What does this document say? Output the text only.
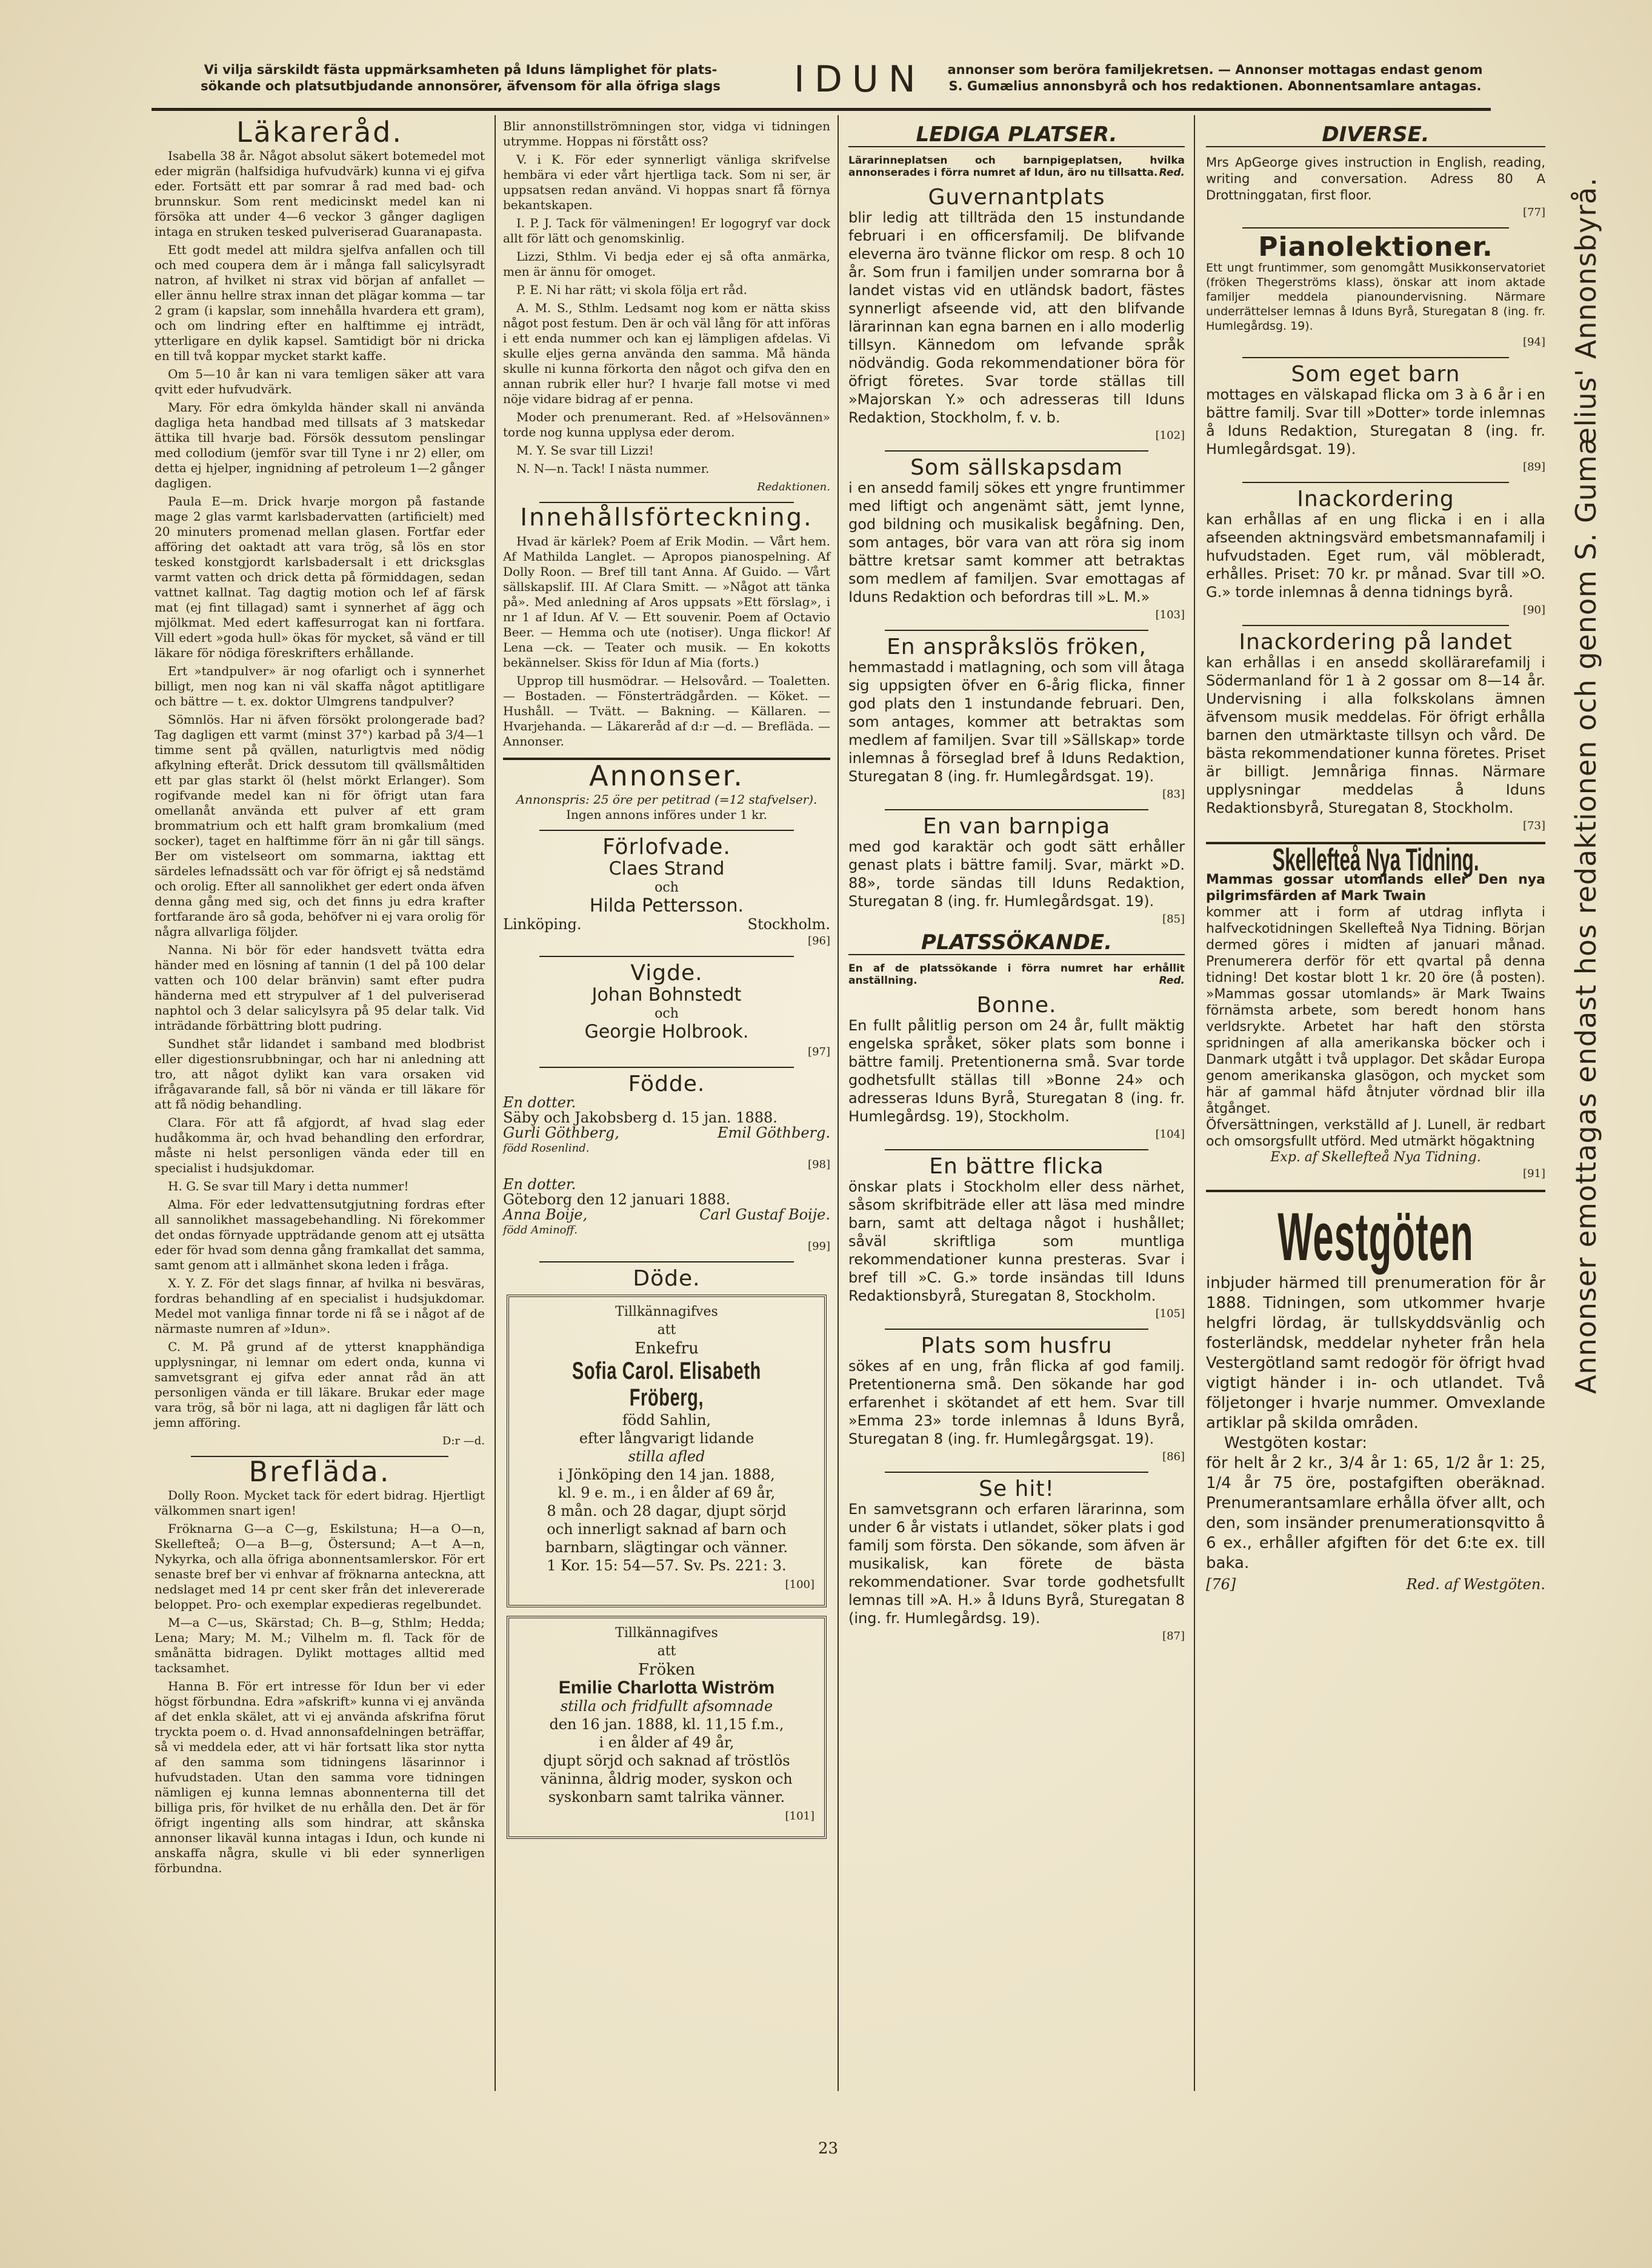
Vi vilja särskildt fästa uppmärksamheten på Iduns lämplighet för plats-
sökande och platsutbjudande annonsörer, äfvensom för alla öfriga slags	IDUN	annonser som beröra familjekretsen. — Annonser mottagas endast genom
S. Gumælius annonsbyrå och hos redaktionen. Abonnentsamlare antagas.
Läkareråd.

Isabella 38 år. Något absolut säkert botemedel mot eder migrän (halfsidiga hufvudvärk) kunna vi ej gifva eder. Fortsätt ett par somrar å rad med bad- och brunnskur. Som rent medicinskt medel kan ni försöka att under 4—6 veckor 3 gånger dagligen intaga en struken tesked pulveriserad Guaranapasta.

Ett godt medel att mildra sjelfva anfallen och till och med coupera dem är i många fall salicylsyradt natron, af hvilket ni strax vid början af anfallet — eller ännu hellre strax innan det plägar komma — tar 2 gram (i kapslar, som innehålla hvardera ett gram), och om lindring efter en halftimme ej inträdt, ytterligare en dylik kapsel. Samtidigt bör ni dricka en till två koppar mycket starkt kaffe.

Om 5—10 år kan ni vara temligen säker att vara qvitt eder hufvudvärk.

Mary. För edra ömkylda händer skall ni använda dagliga heta handbad med tillsats af 3 matskedar ättika till hvarje bad. Försök dessutom penslingar med collodium (jemför svar till Tyne i nr 2) eller, om detta ej hjelper, ingnidning af petroleum 1—2 gånger dagligen.

Paula E—m. Drick hvarje morgon på fastande mage 2 glas varmt karlsbadervatten (artificielt) med 20 minuters promenad mellan glasen. Fortfar eder afföring det oaktadt att vara trög, så lös en stor tesked konstgjordt karlsbadersalt i ett dricksglas varmt vatten och drick detta på förmiddagen, sedan vattnet kallnat. Tag dagtig motion och lef af färsk mat (ej fint tillagad) samt i synnerhet af ägg och mjölkmat. Med edert kaffesurrogat kan ni fortfara. Vill edert »goda hull» ökas för mycket, så vänd er till läkare för nödiga föreskrifters erhållande.

Ert »tandpulver» är nog ofarligt och i synnerhet billigt, men nog kan ni väl skaffa något aptitligare och bättre — t. ex. doktor Ulmgrens tandpulver?

Sömnlös. Har ni äfven försökt prolongerade bad? Tag dagligen ett varmt (minst 37°) karbad på 3/4—1 timme sent på qvällen, naturligtvis med nödig afkylning efteråt. Drick dessutom till qvällsmåltiden ett par glas starkt öl (helst mörkt Erlanger). Som rogifvande medel kan ni för öfrigt utan fara omellanåt använda ett pulver af ett gram brommatrium och ett halft gram bromkalium (med socker), taget en halftimme förr än ni går till sängs. Ber om vistelseort om sommarna, iakttag ett särdeles lefnadssätt och var för öfrigt ej så nedstämd och orolig. Efter all sannolikhet ger edert onda äfven denna gång med sig, och det finns ju edra krafter fortfarande äro så goda, behöfver ni ej vara orolig för några allvarliga följder.

Nanna. Ni bör för eder handsvett tvätta edra händer med en lösning af tannin (1 del på 100 delar vatten och 100 delar bränvin) samt efter pudra händerna med ett strypulver af 1 del pulveriserad naphtol och 3 delar salicylsyra på 95 delar talk. Vid inträdande förbättring blott pudring.

Sundhet står lidandet i samband med blodbrist eller digestionsrubbningar, och har ni anledning att tro, att något dylikt kan vara orsaken vid ifrågavarande fall, så bör ni vända er till läkare för att få nödig behandling.

Clara. För att få afgjordt, af hvad slag eder hudåkomma är, och hvad behandling den erfordrar, måste ni helst personligen vända eder till en specialist i hudsjukdomar.

H. G. Se svar till Mary i detta nummer!

Alma. För eder ledvattensutgjutning fordras efter all sannolikhet massagebehandling. Ni förekommer det ondas förnyade uppträdande genom att ej utsätta eder för hvad som denna gång framkallat det samma, samt genom att i allmänhet skona leden i fråga.

X. Y. Z. För det slags finnar, af hvilka ni besväras, fordras behandling af en specialist i hudsjukdomar. Medel mot vanliga finnar torde ni få se i något af de närmaste numren af »Idun».

C. M. På grund af de ytterst knapphändiga upplysningar, ni lemnar om edert onda, kunna vi samvetsgrant ej gifva eder annat råd än att personligen vända er till läkare. Brukar eder mage vara trög, så bör ni laga, att ni dagligen får lätt och jemn afföring.

D:r —d.
Brefläda.

Dolly Roon. Mycket tack för edert bidrag. Hjertligt välkommen snart igen!

Fröknarna G—a C—g, Eskilstuna; H—a O—n, Skellefteå; O—a B—g, Östersund; A—t A—n, Nykyrka, och alla öfriga abonnentsamlerskor. För ert senaste bref ber vi enhvar af fröknarna anteckna, att nedslaget med 14 pr cent sker från det inlevererade beloppet. Pro- och exemplar expedieras regelbundet.

M—a C—us, Skärstad; Ch. B—g, Sthlm; Hedda; Lena; Mary; M. M.; Vilhelm m. fl. Tack för de smånätta bidragen. Dylikt mottages alltid med tacksamhet.

Hanna B. För ert intresse för Idun ber vi eder högst förbundna. Edra »afskrift» kunna vi ej använda af det enkla skälet, att vi ej använda afskrifna förut tryckta poem o. d. Hvad annonsafdelningen beträffar, så vi meddela eder, att vi här fortsatt lika stor nytta af den samma som tidningens läsarinnor i hufvudstaden. Utan den samma vore tidningen nämligen ej kunna lemnas abonnenterna till det billiga pris, för hvilket de nu erhålla den. Det är för öfrigt ingenting alls som hindrar, att skånska annonser likaväl kunna intagas i Idun, och kunde ni anskaffa några, skulle vi bli eder synnerligen förbundna.

Blir annonstillströmningen stor, vidga vi tidningen utrymme. Hoppas ni förstått oss?

V. i K. För eder synnerligt vänliga skrifvelse hembära vi eder vårt hjertliga tack. Som ni ser, är uppsatsen redan använd. Vi hoppas snart få förnya bekantskapen.

I. P. J. Tack för välmeningen! Er logogryf var dock allt för lätt och genomskinlig.

Lizzi, Sthlm. Vi bedja eder ej så ofta anmärka, men är ännu för omoget.

P. E. Ni har rätt; vi skola följa ert råd.

A. M. S., Sthlm. Ledsamt nog kom er nätta skiss något post festum. Den är och väl lång för att införas i ett enda nummer och kan ej lämpligen afdelas. Vi skulle eljes gerna använda den samma. Må hända skulle ni kunna förkorta den något och gifva den en annan rubrik eller hur? I hvarje fall motse vi med nöje vidare bidrag af er penna.

Moder och prenumerant. Red. af »Helsovännen» torde nog kunna upplysa eder derom.

M. Y. Se svar till Lizzi!

N. N—n. Tack! I nästa nummer.

Redaktionen.
Innehållsförteckning.

Hvad är kärlek? Poem af Erik Modin. — Vårt hem. Af Mathilda Langlet. — Apropos pianospelning. Af Dolly Roon. — Bref till tant Anna. Af Guido. — Vårt sällskapslif. III. Af Clara Smitt. — »Något att tänka på». Med anledning af Aros uppsats »Ett förslag», i nr 1 af Idun. Af V. — Ett souvenir. Poem af Octavio Beer. — Hemma och ute (notiser). Unga flickor! Af Lena —ck. — Teater och musik. — En kokotts bekännelser. Skiss för Idun af Mia (forts.)

Upprop till husmödrar. — Helsovård. — Toaletten. — Bostaden. — Fönsterträdgården. — Köket. — Hushåll. — Tvätt. — Bakning. — Källaren. — Hvarjehanda. — Läkareråd af d:r —d. — Brefläda. — Annonser.

Annonser.
Annonspris: 25 öre per petitrad (=12 stafvelser).
Ingen annons införes under 1 kr.
Förlofvade.
Claes Strand
och
Hilda Pettersson.
Linköping.	Stockholm.
[96]
Vigde.
Johan Bohnstedt
och
Georgie Holbrook.
[97]
Födde.
En dotter.
Säby och Jakobsberg d. 15 jan. 1888.
Gurli Göthberg,	Emil Göthberg.
född Rosenlind.
[98]
En dotter.
Göteborg den 12 januari 1888.
Anna Boije,	Carl Gustaf Boije.
född Aminoff.
[99]
Döde.
Tillkännagifves
att
Enkefru
Sofia Carol. Elisabeth Fröberg,
född Sahlin,
efter långvarigt lidande
stilla afled
i Jönköping den 14 jan. 1888,
kl. 9 e. m., i en ålder af 69 år,
8 mån. och 28 dagar, djupt sörjd
och innerligt saknad af barn och
barnbarn, slägtingar och vänner.
1 Kor. 15: 54—57. Sv. Ps. 221: 3.
[100]
Tillkännagifves
att
Fröken
Emilie Charlotta Wiström
stilla och fridfullt afsomnade
den 16 jan. 1888, kl. 11,15 f.m.,
i en ålder af 49 år,
djupt sörjd och saknad af tröstlös väninna, åldrig moder, syskon och syskonbarn samt talrika vänner.
[101]
LEDIGA PLATSER.
Lärarinneplatsen och barnpigeplatsen, hvilka annonserades i förra numret af Idun, äro nu tillsatta. Red.
Guvernantplats
blir ledig att tillträda den 15 instundande februari i en officersfamilj. De blifvande eleverna äro tvänne flickor om resp. 8 och 10 år. Som frun i familjen under somrarna bor å landet vistas vid en utländsk badort, fästes synnerligt afseende vid, att den blifvande lärarinnan kan egna barnen en i allo moderlig tillsyn. Kännedom om lefvande språk nödvändig. Goda rekommendationer böra för öfrigt företes. Svar torde ställas till »Majorskan Y.» och adresseras till Iduns Redaktion, Stockholm, f. v. b.
[102]
Som sällskapsdam
i en ansedd familj sökes ett yngre fruntimmer med liftigt och angenämt sätt, jemt lynne, god bildning och musikalisk begåfning. Den, som antages, bör vara van att röra sig inom bättre kretsar samt kommer att betraktas som medlem af familjen. Svar emottagas af Iduns Redaktion och befordras till »L. M.»
[103]
En anspråkslös fröken,
hemmastadd i matlagning, och som vill åtaga sig uppsigten öfver en 6-årig flicka, finner god plats den 1 instundande februari. Den, som antages, kommer att betraktas som medlem af familjen. Svar till »Sällskap» torde inlemnas å förseglad bref å Iduns Redaktion, Sturegatan 8 (ing. fr. Humlegårdsgat. 19).
[83]
En van barnpiga
med god karaktär och godt sätt erhåller genast plats i bättre familj. Svar, märkt »D. 88», torde sändas till Iduns Redaktion, Sturegatan 8 (ing. fr. Humlegårdsgat. 19).
[85]
PLATSSÖKANDE.
En af de platssökande i förra numret har erhållit anställning.	Red.
Bonne.
En fullt pålitlig person om 24 år, fullt mäktig engelska språket, söker plats som bonne i bättre familj. Pretentionerna små. Svar torde godhetsfullt ställas till »Bonne 24» och adresseras Iduns Byrå, Sturegatan 8 (ing. fr. Humlegårdsg. 19), Stockholm.
[104]
En bättre flicka
önskar plats i Stockholm eller dess närhet, såsom skrifbiträde eller att läsa med mindre barn, samt att deltaga något i hushållet; såväl skriftliga som muntliga rekommendationer kunna presteras. Svar i bref till »C. G.» torde insändas till Iduns Redaktionsbyrå, Sturegatan 8, Stockholm.
[105]
Plats som husfru
sökes af en ung, från flicka af god familj. Pretentionerna små. Den sökande har god erfarenhet i skötandet af ett hem. Svar till »Emma 23» torde inlemnas å Iduns Byrå, Sturegatan 8 (ing. fr. Humlegårgsgat. 19).
[86]
Se hit!
En samvetsgrann och erfaren lärarinna, som under 6 år vistats i utlandet, söker plats i god familj som första. Den sökande, som äfven är musikalisk, kan förete de bästa rekommendationer. Svar torde godhetsfullt lemnas till »A. H.» å Iduns Byrå, Sturegatan 8 (ing. fr. Humlegårdsg. 19).
[87]
DIVERSE.
Mrs ApGeorge gives instruction in English, reading, writing and conversation. Adress 80 A Drottninggatan, first floor.
[77]
Pianolektioner.
Ett ungt fruntimmer, som genomgått Musikkonservatoriet (fröken Thegerströms klass), önskar att inom aktade familjer meddela pianoundervisning. Närmare underrättelser lemnas å Iduns Byrå, Sturegatan 8 (ing. fr. Humlegårdsg. 19).
[94]
Som eget barn
mottages en välskapad flicka om 3 à 6 år i en bättre familj. Svar till »Dotter» torde inlemnas å Iduns Redaktion, Sturegatan 8 (ing. fr. Humlegårdsgat. 19).
[89]
Inackordering
kan erhållas af en ung flicka i en i alla afseenden aktningsvärd embetsmannafamilj i hufvudstaden. Eget rum, väl möbleradt, erhålles. Priset: 70 kr. pr månad. Svar till »O. G.» torde inlemnas å denna tidnings byrå.
[90]
Inackordering på landet
kan erhållas i en ansedd skollärarefamilj i Södermanland för 1 à 2 gossar om 8—14 år. Undervisning i alla folkskolans ämnen äfvensom musik meddelas. För öfrigt erhålla barnen den utmärktaste tillsyn och vård. De bästa rekommendationer kunna företes. Priset är billigt. Jemnåriga finnas. Närmare upplysningar meddelas å Iduns Redaktionsbyrå, Sturegatan 8, Stockholm.
[73]
Skellefteå Nya Tidning.
Mammas gossar utomlands eller Den nya pilgrimsfärden af Mark Twain
kommer att i form af utdrag inflyta i halfveckotidningen Skellefteå Nya Tidning. Början dermed göres i midten af januari månad. Prenumerera derför för ett qvartal på denna tidning! Det kostar blott 1 kr. 20 öre (å posten). »Mammas gossar utomlands» är Mark Twains förnämsta arbete, som beredt honom hans verldsrykte. Arbetet har haft den största spridningen af alla amerikanska böcker och i Danmark utgått i två upplagor. Det skådar Europa genom amerikanska glasögon, och mycket som här af gammal häfd åtnjuter vördnad blir illa åtgånget.
Öfversättningen, verkställd af J. Lunell, är redbart och omsorgsfullt utförd. Med utmärkt högaktning
Exp. af Skellefteå Nya Tidning.
[91]
Westgöten
inbjuder härmed till prenumeration för år 1888. Tidningen, som utkommer hvarje helgfri lördag, är tullskyddsvänlig och fosterländsk, meddelar nyheter från hela Vestergötland samt redogör för öfrigt hvad vigtigt händer i in- och utlandet. Två följetonger i hvarje nummer. Omvexlande artiklar på skilda områden.
Westgöten kostar:
för helt år 2 kr., 3/4 år 1: 65, 1/2 år 1: 25, 1/4 år 75 öre, postafgiften oberäknad. Prenumerantsamlare erhålla öfver allt, och den, som insänder prenumerationsqvitto å 6 ex., erhåller afgiften för det 6:te ex. till baka.
[76]	Red. af Westgöten.
Annonser emottagas endast hos redaktionen och genom S. Gumælius' Annonsbyrå.
23
